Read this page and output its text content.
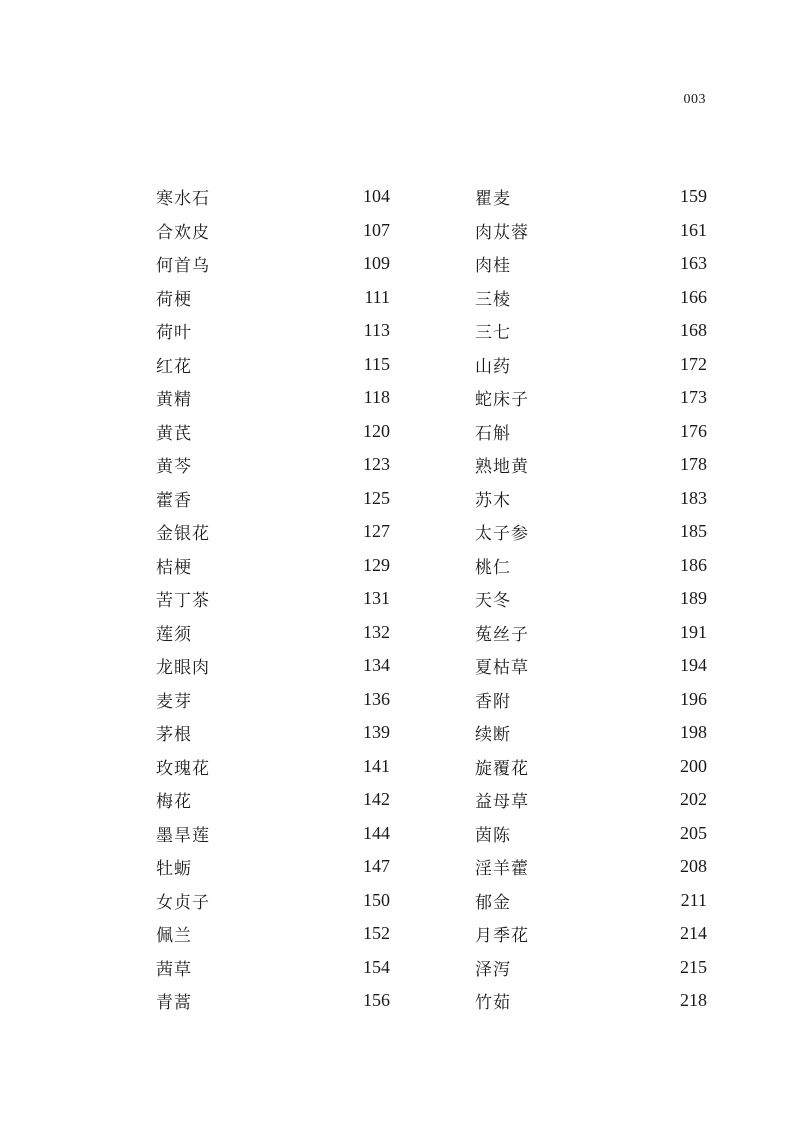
003
寒水石	104
合欢皮	107
何首乌	109
荷梗	111
荷叶	113
红花	115
黄精	118
黄芪	120
黄芩	123
藿香	125
金银花	127
桔梗	129
苦丁茶	131
莲须	132
龙眼肉	134
麦芽	136
茅根	139
玫瑰花	141
梅花	142
墨旱莲	144
牡蛎	147
女贞子	150
佩兰	152
茜草	154
青蒿	156
瞿麦	159
肉苁蓉	161
肉桂	163
三棱	166
三七	168
山药	172
蛇床子	173
石斛	176
熟地黄	178
苏木	183
太子参	185
桃仁	186
天冬	189
菟丝子	191
夏枯草	194
香附	196
续断	198
旋覆花	200
益母草	202
茵陈	205
淫羊藿	208
郁金	211
月季花	214
泽泻	215
竹茹	218
